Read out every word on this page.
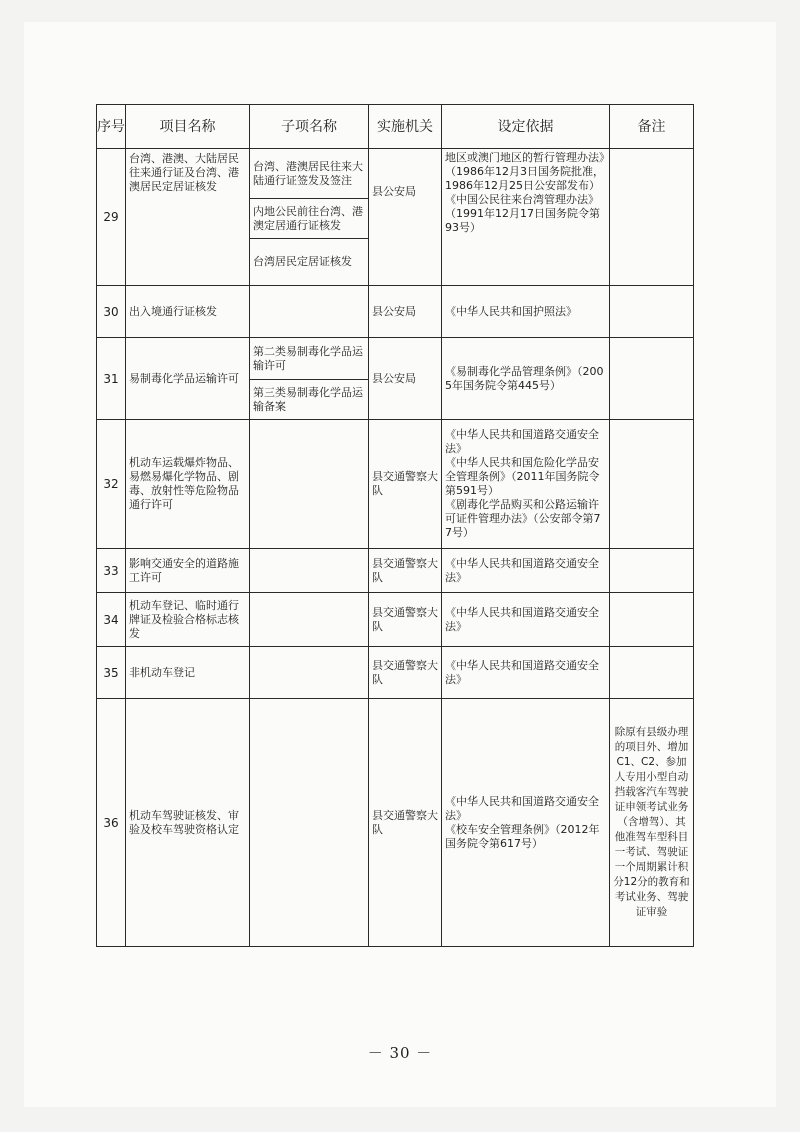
序号	项目名称	子项名称	实施机关	设定依据	备注
29	台湾、港澳、大陆居民往来通行证及台湾、港澳居民定居证核发	台湾、港澳居民往来大陆通行证签发及签注	县公安局	地区或澳门地区的暂行管理办法》（1986年12月3日国务院批准，1986年12月25日公安部发布）
《中国公民往来台湾管理办法》（1991年12月17日国务院令第93号）	
		内地公民前往台湾、港澳定居通行证核发			
		台湾居民定居证核发			
30	出入境通行证核发		县公安局	《中华人民共和国护照法》	
31	易制毒化学品运输许可	第二类易制毒化学品运输许可	县公安局	《易制毒化学品管理条例》（2005年国务院令第445号）	
		第三类易制毒化学品运输备案			
32	机动车运载爆炸物品、易燃易爆化学物品、剧毒、放射性等危险物品通行许可		县交通警察大队	《中华人民共和国道路交通安全法》
《中华人民共和国危险化学品安全管理条例》（2011年国务院令第591号）
《剧毒化学品购买和公路运输许可证件管理办法》（公安部令第77号）	
33	影响交通安全的道路施工许可		县交通警察大队	《中华人民共和国道路交通安全法》	
34	机动车登记、临时通行牌证及检验合格标志核发		县交通警察大队	《中华人民共和国道路交通安全法》	
35	非机动车登记		县交通警察大队	《中华人民共和国道路交通安全法》	
36	机动车驾驶证核发、审验及校车驾驶资格认定		县交通警察大队	《中华人民共和国道路交通安全法》
《校车安全管理条例》（2012年国务院令第617号）	除原有县级办理的项目外、增加C1、C2、参加人专用小型自动挡载客汽车驾驶证申领考试业务（含增驾）、其他准驾车型科目一考试、驾驶证一个周期累计积分12分的教育和考试业务、驾驶证审验
－ 30 －
